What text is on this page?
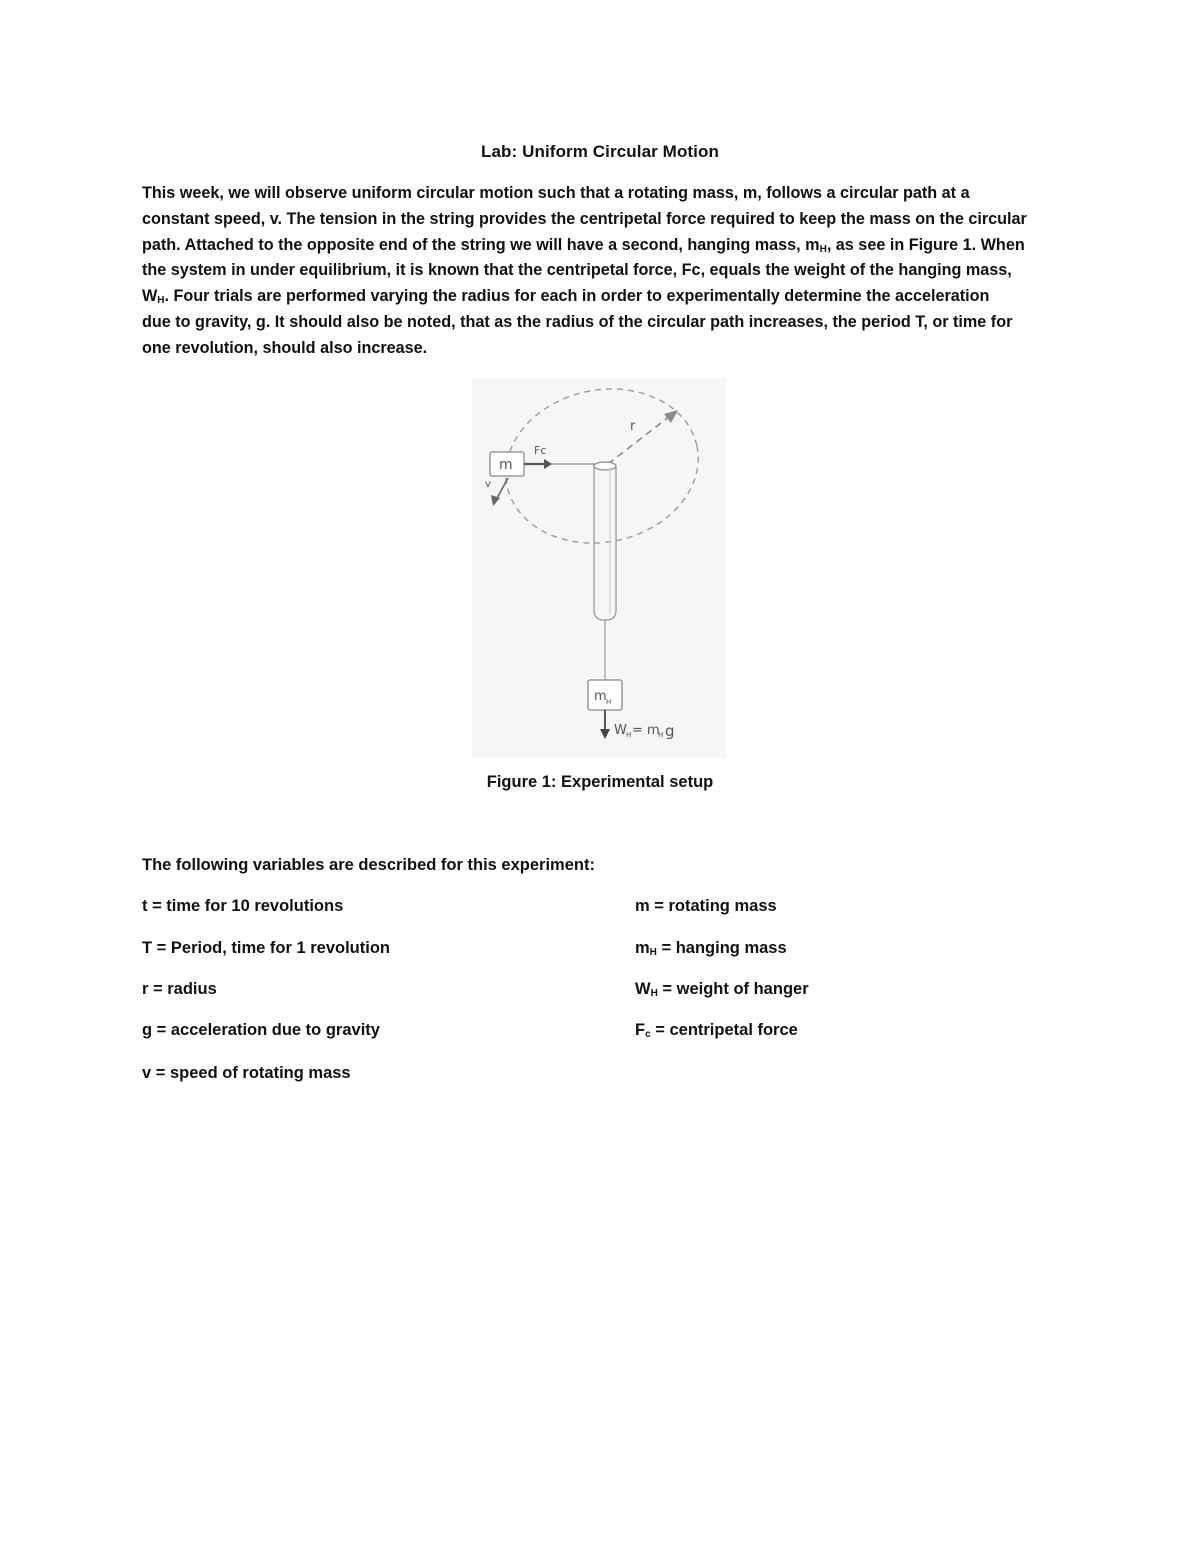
Lab: Uniform Circular Motion
This week, we will observe uniform circular motion such that a rotating mass, m, follows a circular path at a
constant speed, v. The tension in the string provides the centripetal force required to keep the mass on the circular
path. Attached to the opposite end of the string we will have a second, hanging mass, $m_H$, as see in Figure 1. When
the system in under equilibrium, it is known that the centripetal force, Fc, equals the weight of the hanging mass,
$W_H$. Four trials are performed varying the radius for each in order to experimentally determine the acceleration
due to gravity, g. It should also be noted, that as the radius of the circular path increases, the period T, or time for
one revolution, should also increase.
r
Fc
m
v
m H
W H = m
H g
Figure 1: Experimental setup
The following variables are described for this experiment:
t = time for 10 revolutions
T = Period, time for 1 revolution
r = radius
g = acceleration due to gravity
v = speed of rotating mass
m = rotating mass
$m_H$ = hanging mass
$W_H$ = weight of hanger
$F_c$ = centripetal force
